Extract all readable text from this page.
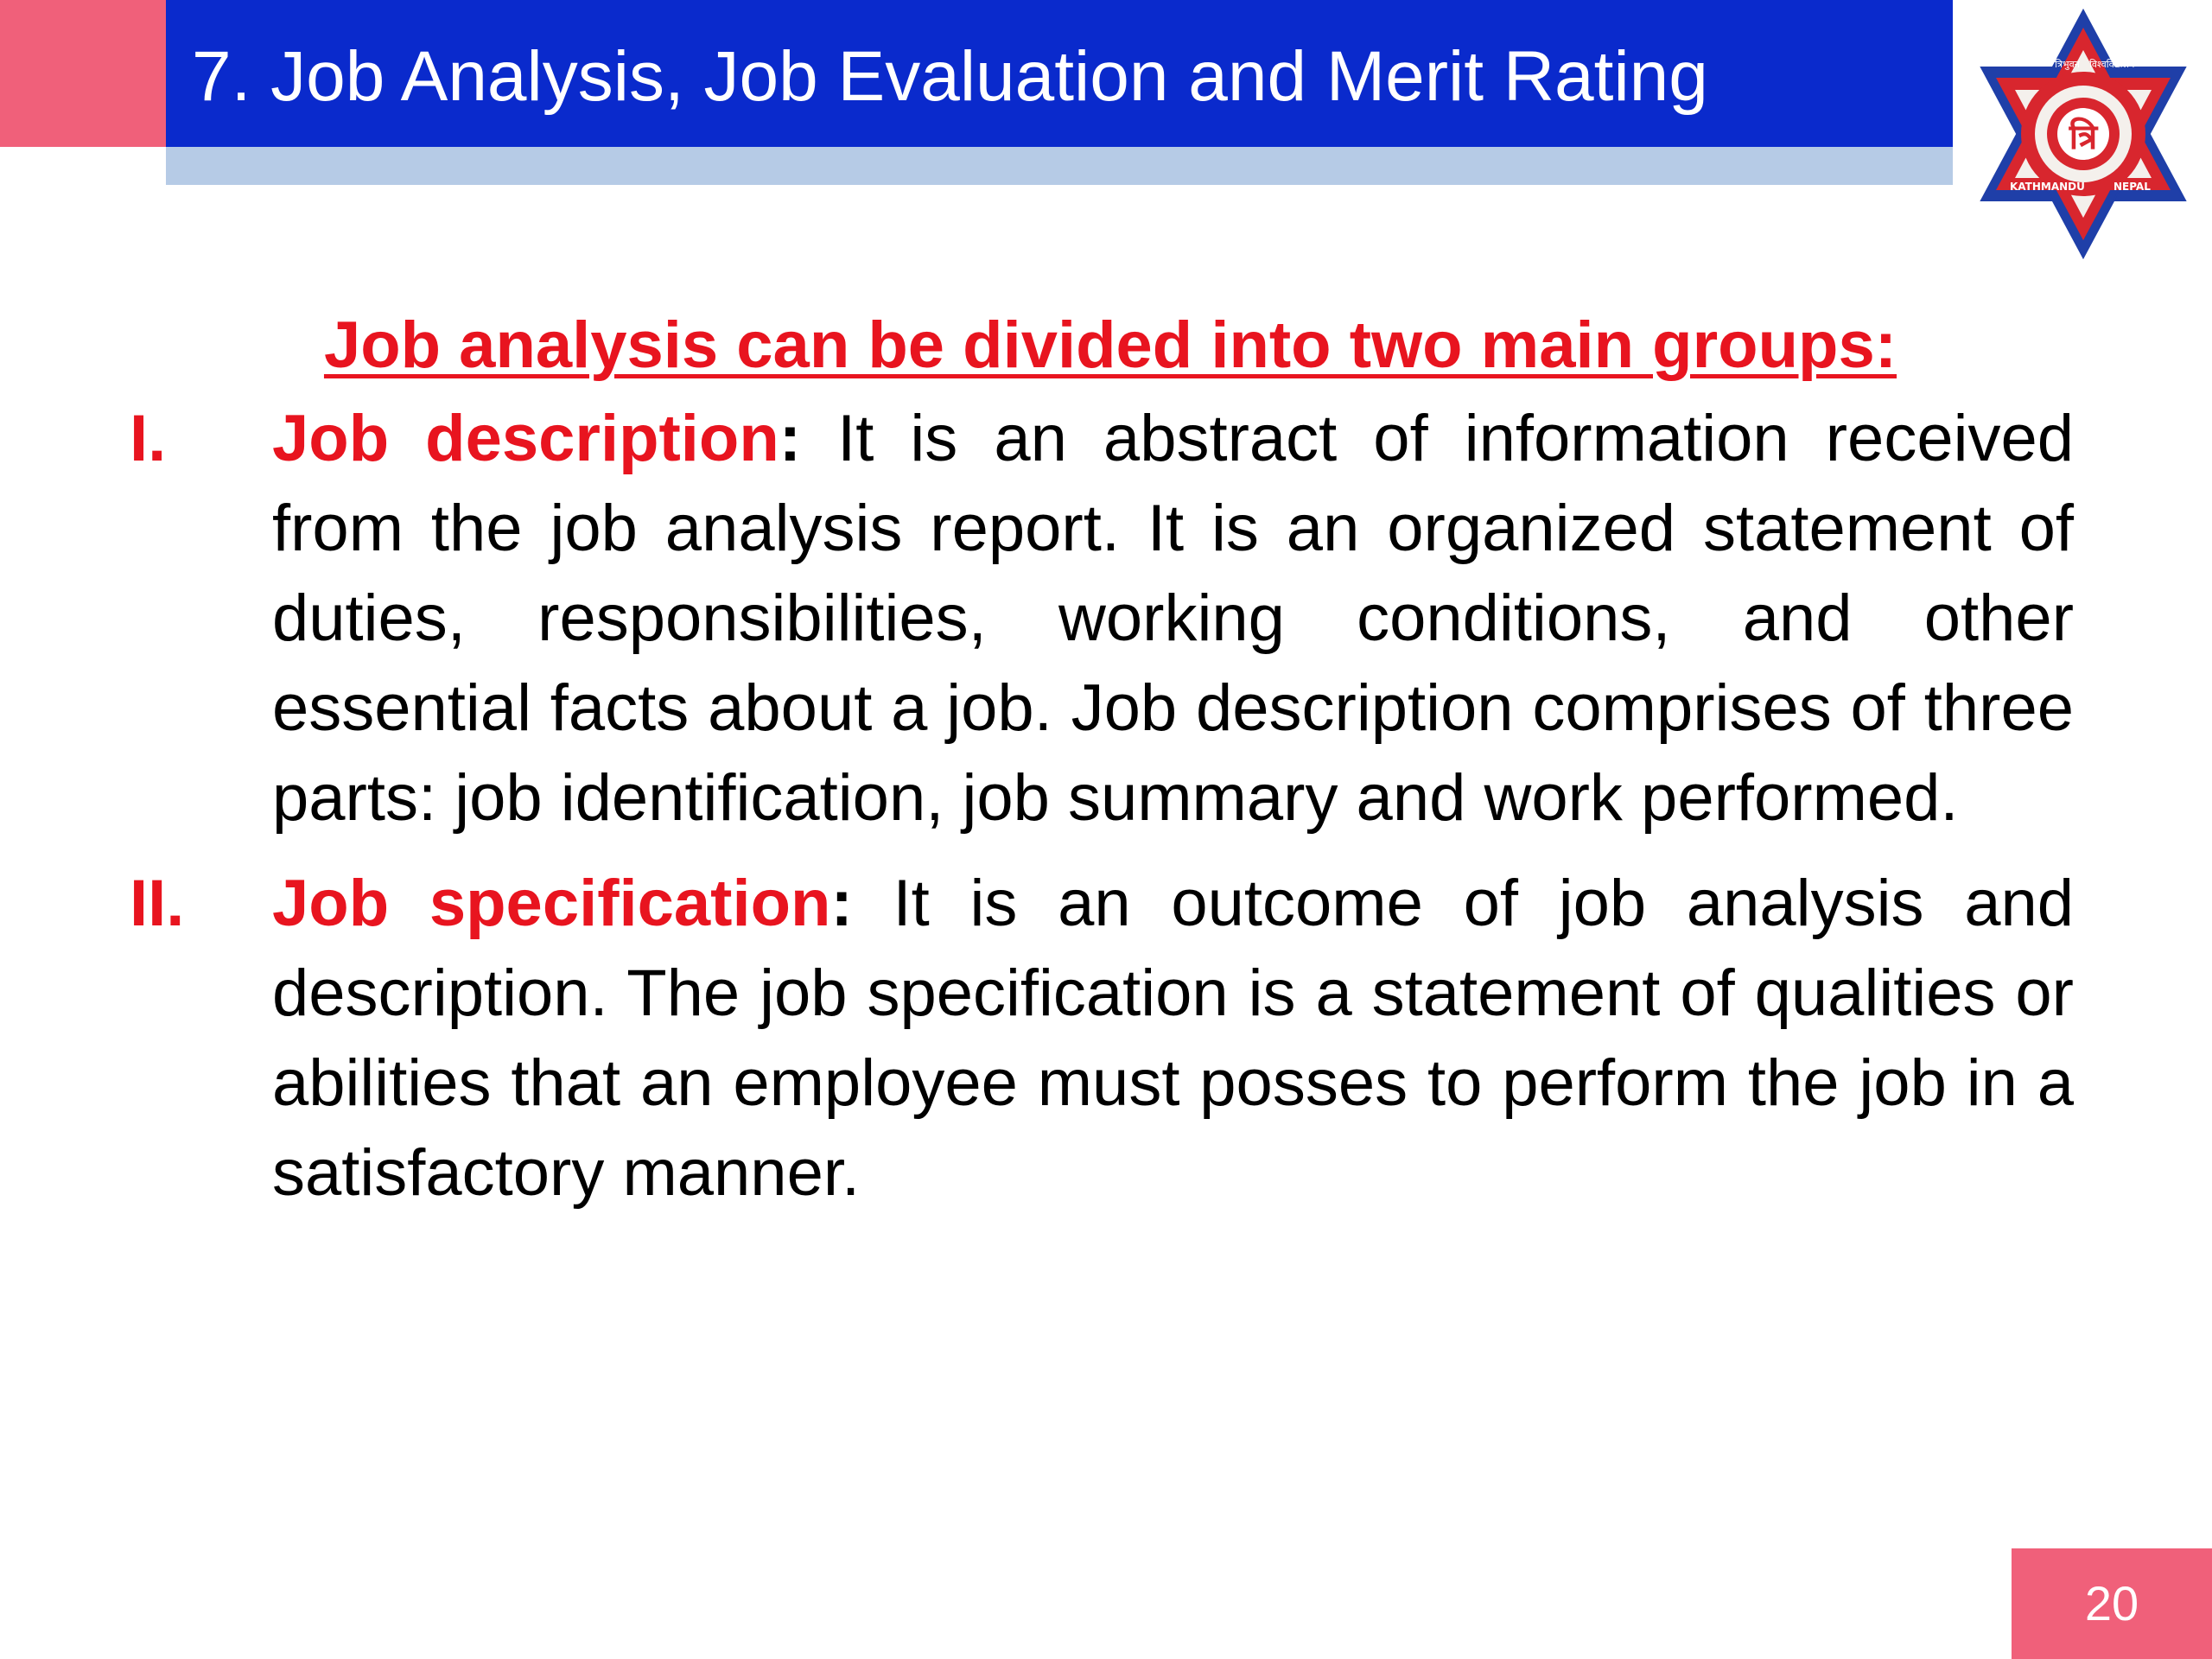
7. Job Analysis, Job Evaluation and Merit Rating
त्रि
त्रिभुवन विश्वविद्यालय
KATHMANDU	NEPAL
Job analysis can be divided into two main groups:
I.	Job description: It is an abstract of information received from the job analysis report. It is an organized statement of duties, responsibilities, working conditions, and other essential facts about a job. Job description comprises of three parts: job identification, job summary and work performed.
II.	Job specification: It is an outcome of job analysis and description. The job specification is a statement of qualities or abilities that an employee must posses to perform the job in a satisfactory manner.
20
